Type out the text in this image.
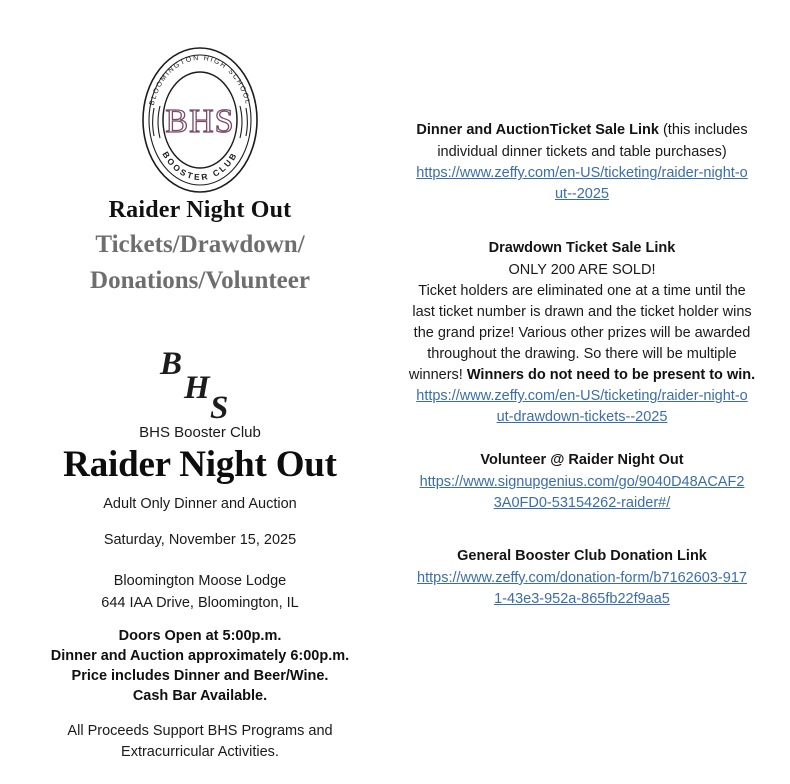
BLOOMINGTON HIGH SCHOOL
BOOSTER CLUB
BHS
Raider Night Out
Tickets/Drawdown/
Donations/Volunteer
B
H
S
BHS Booster Club
Raider Night Out
Adult Only Dinner and Auction
Saturday, November 15, 2025
Bloomington Moose Lodge
644 IAA Drive, Bloomington, IL
Doors Open at 5:00p.m.
Dinner and Auction approximately 6:00p.m.
Price includes Dinner and Beer/Wine.
Cash Bar Available.
All Proceeds Support BHS Programs and
Extracurricular Activities.

Dinner and AuctionTicket Sale Link (this includes

individual dinner tickets and table purchases)

https://www.zeffy.com/en-US/ticketing/raider-night-o
ut--2025

Drawdown Ticket Sale Link

ONLY 200 ARE SOLD!

Ticket holders are eliminated one at a time until the last ticket number is drawn and the ticket holder wins the grand prize! Various other prizes will be awarded throughout the drawing. So there will be multiple winners! Winners do not need to be present to win.

https://www.zeffy.com/en-US/ticketing/raider-night-o
ut-drawdown-tickets--2025

Volunteer @ Raider Night Out

https://www.signupgenius.com/go/9040D48ACAF2
3A0FD0-53154262-raider#/

General Booster Club Donation Link

https://www.zeffy.com/donation-form/b7162603-917
1-43e3-952a-865fb22f9aa5
